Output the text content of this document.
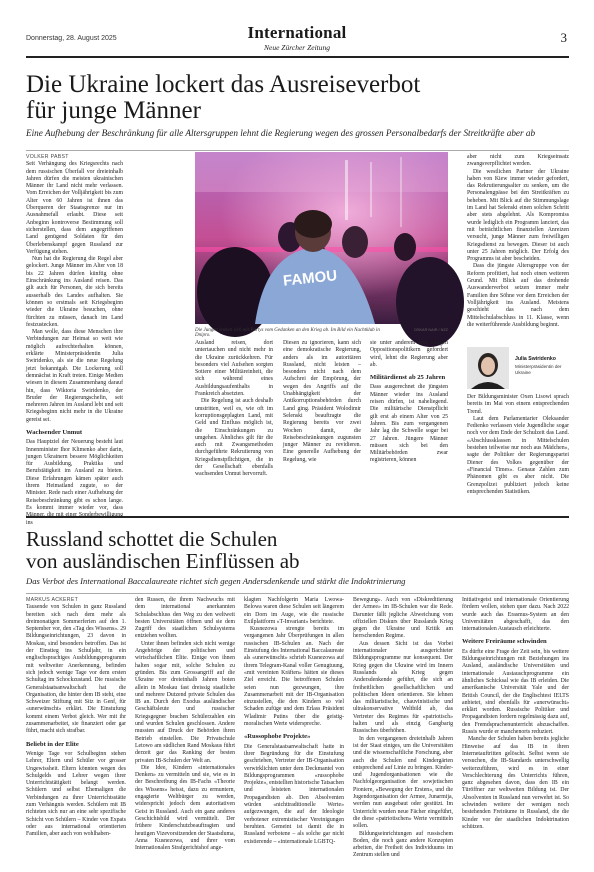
Donnerstag, 28. August 2025	International
Neue Zürcher Zeitung
3
Die Ukraine lockert das Ausreiseverbot
für junge Männer
Eine Aufhebung der Beschränkung für alle Altersgruppen lehnt die Regierung wegen des grossen Personalbedarfs der Streitkräfte aber ab
VOLKER PABST

Seit Verhängung des Kriegsrechts nach dem russischen Überfall vor dreieinhalb Jahren dürfen die meisten ukrainischen Männer ihr Land nicht mehr verlassen. Vom Erreichen der Volljährigkeit bis zum Alter von 60 Jahren ist ihnen das Überqueren der Staatsgrenze nur im Ausnahmefall erlaubt. Diese seit Anbeginn kontroverse Bestimmung soll sicherstellen, dass dem angegriffenen Land genügend Soldaten für den Überlebenskampf gegen Russland zur Verfügung stehen.

Nun hat die Regierung die Regel aber gelockert. Junge Männer im Alter von 18 bis 22 Jahren dürfen künftig ohne Einschränkung ins Ausland reisen. Das gilt auch für Personen, die sich bereits ausserhalb des Landes aufhalten. Sie können so erstmals seit Kriegsbeginn wieder die Ukraine besuchen, ohne fürchten zu müssen, danach im Land festzustecken.

Man wolle, dass diese Menschen ihre Verbindungen zur Heimat so weit wie möglich aufrechterhalten können, erklärte Ministerpräsidentin Julia Swiridenko, als sie die neue Regelung jetzt bekanntgab. Die Lockerung soll demnächst in Kraft treten. Einige Medien wiesen in diesem Zusammenhang darauf hin, dass Wiktoria Swiridenko, der Bruder der Regierungschefin, seit mehreren Jahren im Ausland lebt und seit Kriegsbeginn nicht mehr in die Ukraine gereist sei.

Wachsender Unmut

Das Hauptziel der Neuerung besteht laut Innenminister Ihor Klimenko aber darin, jungen Ukrainern bessere Möglichkeiten für Ausbildung, Praktika und Berufstätigkeit im Ausland zu bieten. Diese Erfahrungen kämen später auch ihrem Heimatland zugute, so der Minister. Rede nach einer Aufhebung der Reisebeschränkung gibt es schon lange. Es kommt immer wieder vor, dass ins

FAMOU
Die Jungen lenken sich mit Partys vom Gedanken an den Krieg ab. Im Bild ein Nachtklub in Dnipro.
OSKAR NAIR / NZZ

Ausland reisen, dort untertauchen und nicht mehr in die Ukraine zurückkehren. Für besonders viel Aufsehen sorgten Sotiere einer Militäreinheit, die sich während eines Ausbildungsaufenthalts in Frankreich absetzten.

Die Regelung ist auch deshalb umstritten, weil es, wie oft im korruptionsgeplagten Land, mit Geld und Einfluss möglich ist, die Einschränkungen zu umgehen. Ähnliches gilt für die auch mit Zwangsmethoden durchgeführte Rekrutierung von Kriegsdienstpflichtigen, die in der Gesellschaft ebenfalls wachsenden Unmut hervorruft.

Diesen zu ignorieren, kann sich eine demokratische Regierung, anders als im autoritären Russland, nicht leisten – besonders nicht nach dem Aufschrei der Empörung, der wegen des Angriffs auf die Unabhängigkeit der Antikorruptionsbehörden durch Land ging. Präsident Wolodimir Selenski beauftragte die Regierung bereits vor zwei Wochen damit, die Reisebeschränkungen zugunsten junger Männer zu revidieren. Eine generelle Aufhebung der Regelung, wie

sie unter anderem von einigen Oppositionspolitikern gefordert wird, lehnt die Regierung aber ab.

Militärdienst ab 25 Jahren

Dass ausgerechnet die jüngsten Männer wieder ins Ausland reisen dürfen, ist naheliegend. Die militärische Dienstpflicht gilt erst ab einem Alter von 25 Jahren. Bis zum vergangenen Jahr lag die Schwelle sogar bei 27 Jahren. Jüngere Männer müssen sich bei den Militärbehörden zwar registrieren, können

aber nicht zum Kriegseinsatz zwangsverpflichtet werden.

Die westlichen Partner der Ukraine haben von Kiew immer wieder gefordert, das Rekrutierungsalter zu senken, um die Personalengpässe bei den Streitkräften zu beheben. Mit Blick auf die Stimmungslage im Land hat Selenski einen solchen Schritt aber stets abgelehnt. Als Kompromiss wurde lediglich ein Programm lanciert, das mit beträchtlichen finanziellen Anreizen versucht, junge Männer zum freiwilligen Kriegsdienst zu bewegen. Dieser ist auch unter 25 Jahren möglich. Der Erfolg des Programms ist aber bescheiden.

Dass die jüngste Altersgruppe von der Reform profitiert, hat noch einen weiteren Grund. Mit Blick auf das drohende Auswanderverbot setzen immer mehr Familien ihre Söhne vor dem Erreichen der Volljährigkeit ins Ausland. Meistens geschieht das nach dem Mittelschulabschluss in 11. Klasse, wenn die weiterführende Ausbildung beginnt.

Julia Swiridenko
Ministerpräsidentin der Ukraine

Der Bildungsminister Oxen Lisowi sprach bereits im Mai von einem entsprechenden Trend.

Laut dem Parlamentarier Oleksander Fedienko verlassen viele Jugendliche sogar noch vor dem Ende der Schulzeit das Land. «Abschlussklassen in Mittelschulen bestehen teilweise nur noch aus Mädchen», sagte der Politiker der Regierungspartei Diener des Volkes gegenüber der «Financial Times». Genaue Zahlen zum Phänomen gibt es aber nicht. Die Grenzpolizei publiziert jedoch keine entsprechenden Statistiken.

Russland schottet die Schulen
von ausländischen Einflüssen ab
Das Verbot des International Baccalaureate richtet sich gegen Andersdenkende und stärkt die Indoktrinierung
MARKUS ACKERET

Tausende von Schulen in ganz Russland bereiten sich nach dem mehr als dreimonatigen Sommerferien auf den 1. September vor, den «Tag des Wissens». 29 Bildungseinrichtungen, 23 davon in Moskau, sind besonders betroffen. Das ist der Einstieg ins Schuljahr, in ein englischsprachiges Ausbildungsprogramm mit weltweiter Anerkennung, befinden sich jedoch wenige Tage vor dem ersten Schultag im Schockzustand. Die russische Generalstaatsanwaltschaft hat die Organisation, die hinter dem IB steht, eine Schweizer Stiftung mit Sitz in Genf, für «unerwünscht» erklärt. Die Einstufung kommt einem Verbot gleich. Wer mit ihr zusammenarbeitet, sie finanziert oder gar führt, macht sich strafbar.

Beliebt in der Elite

Wenige Tage vor Schulbeginn stehen Lehrer, Eltern und Schüler vor grosser Ungewissheit. Eltern könnten wegen des Schulgelds und Lehrer wegen ihrer Unterrichtstätigkeit belangt werden. Schülern und selbst Ehemaligen die Verbindungen zu ihrer Unterrichtsstätte zum Verhängnis werden. Schülern mit IB richteten sich nur an eine sehr spezifische Schicht von Schülern – Kinder von Expats oder aus international orientierten Familien, aber auch von wohlhaben-

den Russen, die ihrem Nachwuchs mit dem international anerkannten Schulabschluss den Weg zu den weltweit besten Universitäten öffnen und sie dem Zugriff des staatlichen Schulsystems entziehen wollten.

Unter ihnen befinden sich nicht wenige Angehörige der politischen und wirtschaftlichen Elite. Einige von ihnen halten sogar mit, solche Schulen zu gründen. Bis zum Grossangriff auf die Ukraine vor dreieinhalb Jahren boten allein in Moskau fast dreissig staatliche und mehrere Dutzend private Schulen das IB an. Durch den Exodus ausländischer Geschäftsleute und russischer Kriegsgegner brachen Schülerzahlen ein und wurden Schulen geschlossen. Andere mussten auf Druck der Behörden ihren Betrieb einstellen. Die Privatschule Letowo am südlichen Rand Moskaus führt derzeit gar das Ranking der besten privaten IB-Schulen der Welt an.

Die Idee, Kindern «internationales Denken» zu vermitteln und sie, wie es in der Beschreibung des IB-Fachs «Theorie des Wissens» heisst, dazu zu ermuntern, engagierte Weltbürger zu werden, widerspricht jedoch dem autoritativen Geist in Russland. Auch ein ganz anderes Geschichtsbild wird vermittelt. Der frühere Kinderschutzbeauftragten und heutigen Vizevorsitzenden der Staatsduma, Anna Kusnezowa, und ihrer vom Internationalen Strafgerichtshof ange-

klagten Nachfolgerin Maria Lwowa-Belowa waren diese Schulen seit längerem ein Dorn im Auge, wie die russische Exilplattform «T-Invariant» berichtete.

Kusnezowa strengte bereits im vergangenen Jahr Überprüfungen in allen russischen IB-Schulen an. Nach der Einstufung des International Baccalaureate als «unerwünscht» schrieb Kusnezowa auf ihrem Telegram-Kanal voller Genugtuung, «mit vereinten Kräften» hätten sie dieses Ziel erreicht. Die betroffenen Schulen seien nun gezwungen, ihre Zusammenarbeit mit der IB-Organisation einzustellen, die den Kindern so viel Schaden zufüge und dem Erlass Präsident Wladimir Putins über die geistig-moralischen Werte widerspreche.

«Russophobe Projekte»

Die Generalstaatsanwaltschaft hatte in ihrer Begründung für die Einstufung geschrieben, Vertreter der IB-Organisation verwirklichten unter dem Deckmantel von Bildungsprogrammen «russophobe Projekte», entstellten historische Tatsachen und leisteten internationalen Propagandisten ab. Den Absolventen würden «nichttraditionelle Werte» aufgezwungen, die auf der Ideologie verbotener extremistischer Vereinigungen beruhten. Gemeint ist damit die in Russland verbotene – als solche gar nicht existierende – «internationale LGBTQ-

Bewegung». Auch von «Diskreditierung der Armee» im IB-Schulen war die Rede. Darunter fällt jegliche Abweichung vom offiziellen Diskurs über Russlands Krieg gegen die Ukraine und Kritik am herrschenden Regime.

Aus dessen Sicht ist das Vorbei internationaler ausgerichteter Bildungsprogramme nur konsequent. Der Krieg gegen die Ukraine wird im Innern Russlands als Krieg gegen Andersdenkende geführt, die sich an freiheitlichen gesellschaftlichen und politischen Ideen orientieren. Sie lehnen das militaristische, chauvinistische und ultrakonservative Weltbild ab, das Vertreter des Regimes für «patriotisch» halten und als einzig Gangbarig Russisches überhöhen.

In den vergangenen dreieinhalb Jahren ist der Staat einiges, um die Universitäten und die wissenschaftliche Forschung, aber auch die Schulen und Kindergärten entsprechend auf Linie zu bringen. Kinder- und Jugendorganisationen wie die Nachfolgeorganisation der sowjetischen Pioniere, «Bewegung der Ersten», und die Jugendorganisation der Armee, Junarmija, werden nun ausgebaut oder gestützt. Im Unterricht wurden neue Fächer eingeführt, die diese «patriotischen» Werte vermitteln sollen.

Bildungseinrichtungen auf russischem Boden, die noch ganz andere Konzepten arbeiten, die Freiheit des Individuums im Zentrum stellen und

Initiativgeist und internationale Orientierung fördern wollen, stehen quer dazu. Nach 2022 wurde auch das Erasmus-System an den Universitäten abgeschafft, das den internationalen Austausch erleichterte.

Weitere Freiräume schwinden

Es dürfte eine Frage der Zeit sein, bis weitere Bildungseinrichtungen mit Beziehungen ins Ausland, ausländische Universitäten und internationale Austauschprogramme ein ähnliches Schicksal wie das IB erleiden. Die amerikanische Universität Yale und der British Council, der die Englischtest IELTS anbietet, sind ebenfalls für «unerwünscht» erklärt worden. Russische Politiker und Propagandisten fordern regelmässig dazu auf, den Fremdsprachenunterricht abzuschaffen. Russis wurde er manchenorts reduziert.

Manche der Schulen haben bereits jegliche Hinweise auf das IB in ihren Internetauftritten gelöscht. Selbst wenn sie versuchen, die IB-Standards unterschwellig weiterzuführen, wird es in einer Verschlechterung des Unterrichts führen, ganz abgesehen davon, dass den IB ein Türöffner zur weltweiten Bildung ist. Der Absolventen in Russland nun verwehrt ist. So schwinden weitere der wenigen noch bestehenden Freiräume in Russland, die die Kinder vor der staatlichen Indoktrination schützen.
